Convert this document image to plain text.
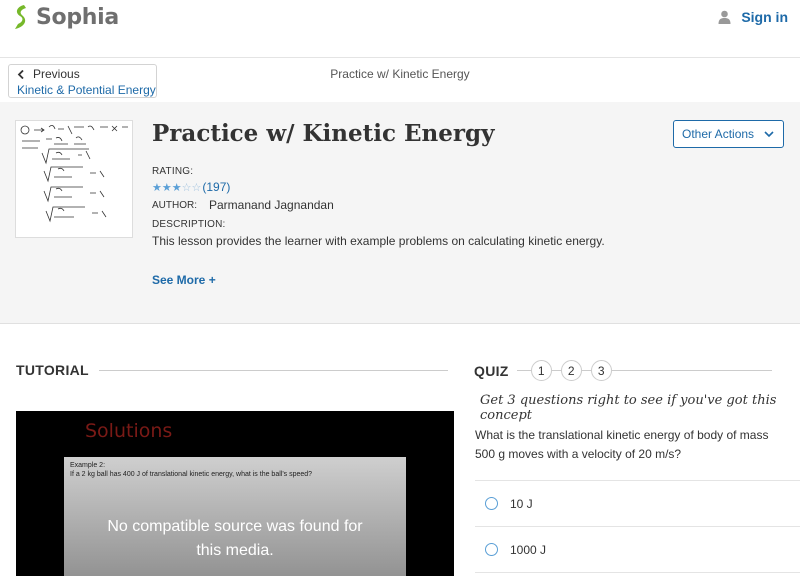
Sophia	Sign in
Previous
Kinetic & Potential Energy
Practice w/ Kinetic Energy
Practice w/ Kinetic Energy	Other Actions
RATING:
★★★☆☆ (197)
AUTHOR: Parmanand Jagnandan
DESCRIPTION:
This lesson provides the learner with example problems on calculating kinetic energy.
See More +
TUTORIAL
Solutions
Example 2:
If a 2 kg ball has 400 J of translational kinetic energy, what is the ball's speed?
No compatible source was found for this media.
QUIZ	1	2	3
Get 3 questions right to see if you've got this concept
What is the translational kinetic energy of body of mass 500 g moves with a velocity of 20 m/s?
10 J
1000 J
